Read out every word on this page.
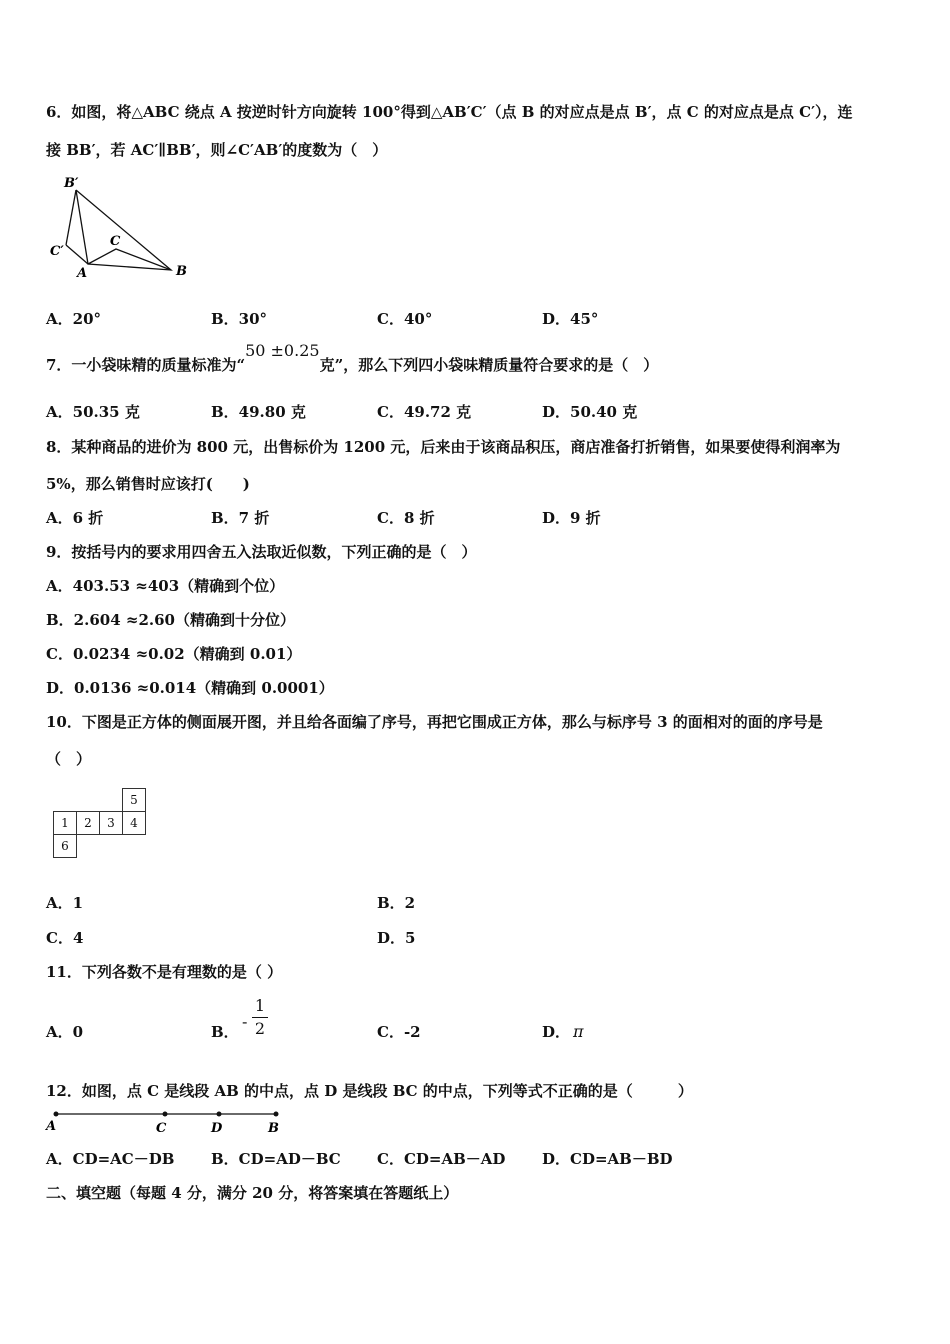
6．如图，将△ABC 绕点 A 按逆时针方向旋转 100°得到△AB′C′（点 B 的对应点是点 B′，点 C 的对应点是点 C′），连
接 BB′，若 AC′∥BB′，则∠C′AB′的度数为（　）
B′
C′
C
A	B
A．20°	B．30°	C．40°	D．45°
7．一小袋味精的质量标准为“50 ±0.25克”，那么下列四小袋味精质量符合要求的是（　）
A．50.35 克	B．49.80 克	C．49.72 克	D．50.40 克
8．某种商品的进价为 800 元，出售标价为 1200 元，后来由于该商品积压，商店准备打折销售，如果要使得利润率为
5%，那么销售时应该打(　　)
A．6 折	B．7 折	C．8 折	D．9 折
9．按括号内的要求用四舍五入法取近似数，下列正确的是（　）
A．403.53 ≈403（精确到个位）
B．2.604 ≈2.60（精确到十分位）
C．0.0234 ≈0.02（精确到 0.01）
D．0.0136 ≈0.014（精确到 0.0001）
10．下图是正方体的侧面展开图，并且给各面编了序号，再把它围成正方体，那么与标序号 3 的面相对的面的序号是
（　）
			5
1	2	3	4
6			
A．1	B．2
C．4	D．5
11．下列各数不是有理数的是（ ）
A．0	B．
-
1
2	C．-2	D． π
12．如图，点 C 是线段 AB 的中点，点 D 是线段 BC 的中点，下列等式不正确的是（　　　）
A	C	D	B
A．CD=AC－DB B．CD=AD－BC C．CD=AB－AD D．CD=AB－BD
二、填空题（每题 4 分，满分 20 分，将答案填在答题纸上）
